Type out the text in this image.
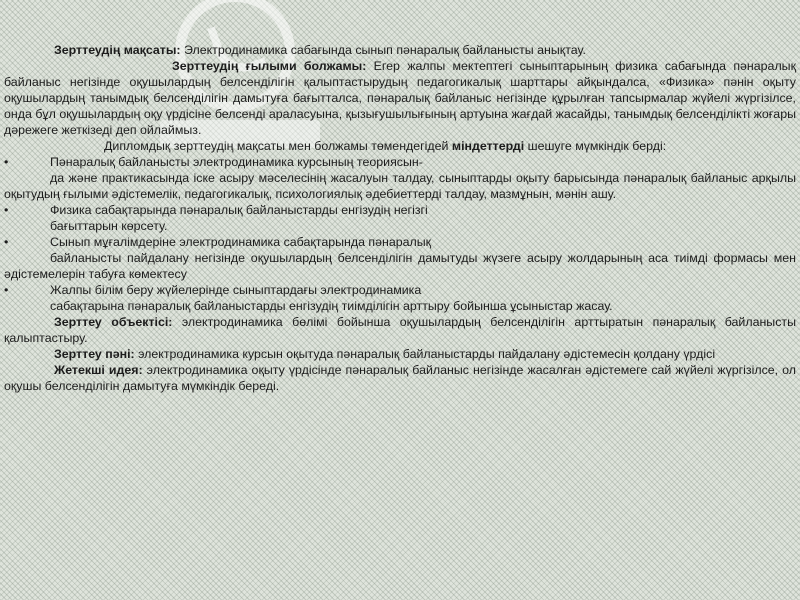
Зерттеудің мақсаты: Электродинамика сабағында сынып пәнаралық байланысты анықтау.

Зерттеудің ғылыми болжамы: Егер жалпы мектептегі сыныптарының физика сабағында пәнаралық байланыс негізінде оқушылардың белсенділігін қалыптастырудың педагогикалық шарттары айқындалса, «Физика» пәнін оқыту оқушылардың танымдық белсенділігін дамытуға бағытталса, пәнаралық байланыс негізінде құрылған тапсырмалар жүйелі жүргізілсе, онда бұл оқушылардың оқу үрдісіне белсенді араласуына, қызығушылығының артуына жағдай жасайды, танымдық белсенділікті жоғары дәрежеге жеткізеді деп ойлаймыз.

Дипломдық зерттеудің мақсаты мен болжамы төмендегідей міндеттерді шешуге мүмкіндік берді:

•	Пәнаралық байланысты электродинамика курсының теориясын-

да және практикасында іске асыру мәселесінің жасалуын талдау, сыныптарды оқыту барысында пәнаралық байланыс арқылы оқытудың ғылыми әдістемелік, педагогикалық, психологиялық әдебиеттерді талдау, мазмұнын, мәнін ашу.

•	Физика сабақтарында пәнаралық байланыстарды енгізудің негізгі

бағыттарын көрсету.

•	Сынып мұғалімдеріне электродинамика сабақтарында пәнаралық

байланысты пайдалану негізінде оқушылардың белсенділігін дамытуды жүзеге асыру жолдарының аса тиімді формасы мен әдістемелерін табуға көмектесу

•	Жалпы білім беру жүйелерінде сыныптардағы электродинамика

сабақтарына пәнаралық байланыстарды енгізудің тиімділігін арттыру бойынша ұсыныстар жасау.

Зерттеу объектісі: электродинамика бөлімі бойынша оқушылардың белсенділігін арттыратын пәнаралық байланысты қалыптастыру.

Зерттеу пәні: электродинамика курсын оқытуда пәнаралық байланыстарды пайдалану әдістемесін қолдану үрдісі

Жетекші идея: электродинамика оқыту үрдісінде пәнаралық байланыс негізінде жасалған әдістемеге сай жүйелі жүргізілсе, ол оқушы белсенділігін дамытуға мүмкіндік береді.
